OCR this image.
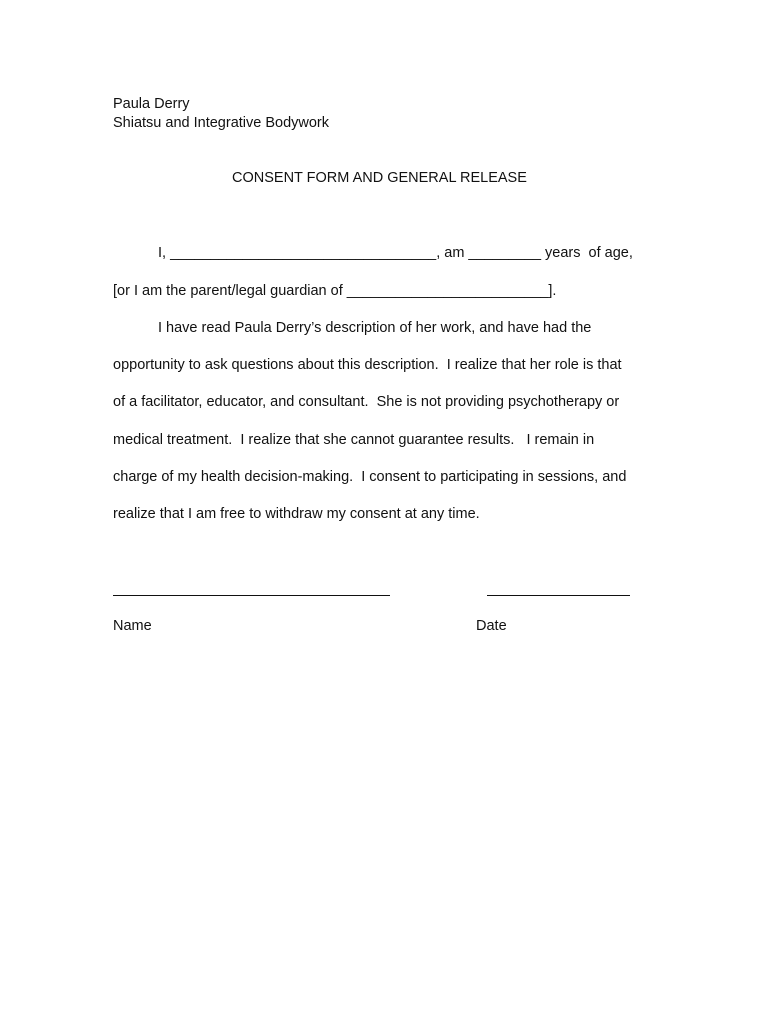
Paula Derry
Shiatsu and Integrative Bodywork
CONSENT FORM AND GENERAL RELEASE
I, _________________________________, am _________ years  of age,
[or I am the parent/legal guardian of _________________________].
I have read Paula Derry’s description of her work, and have had the
opportunity to ask questions about this description.  I realize that her role is that
of a facilitator, educator, and consultant.  She is not providing psychotherapy or
medical treatment.  I realize that she cannot guarantee results.   I remain in
charge of my health decision-making.  I consent to participating in sessions, and
realize that I am free to withdraw my consent at any time.
Name	Date
